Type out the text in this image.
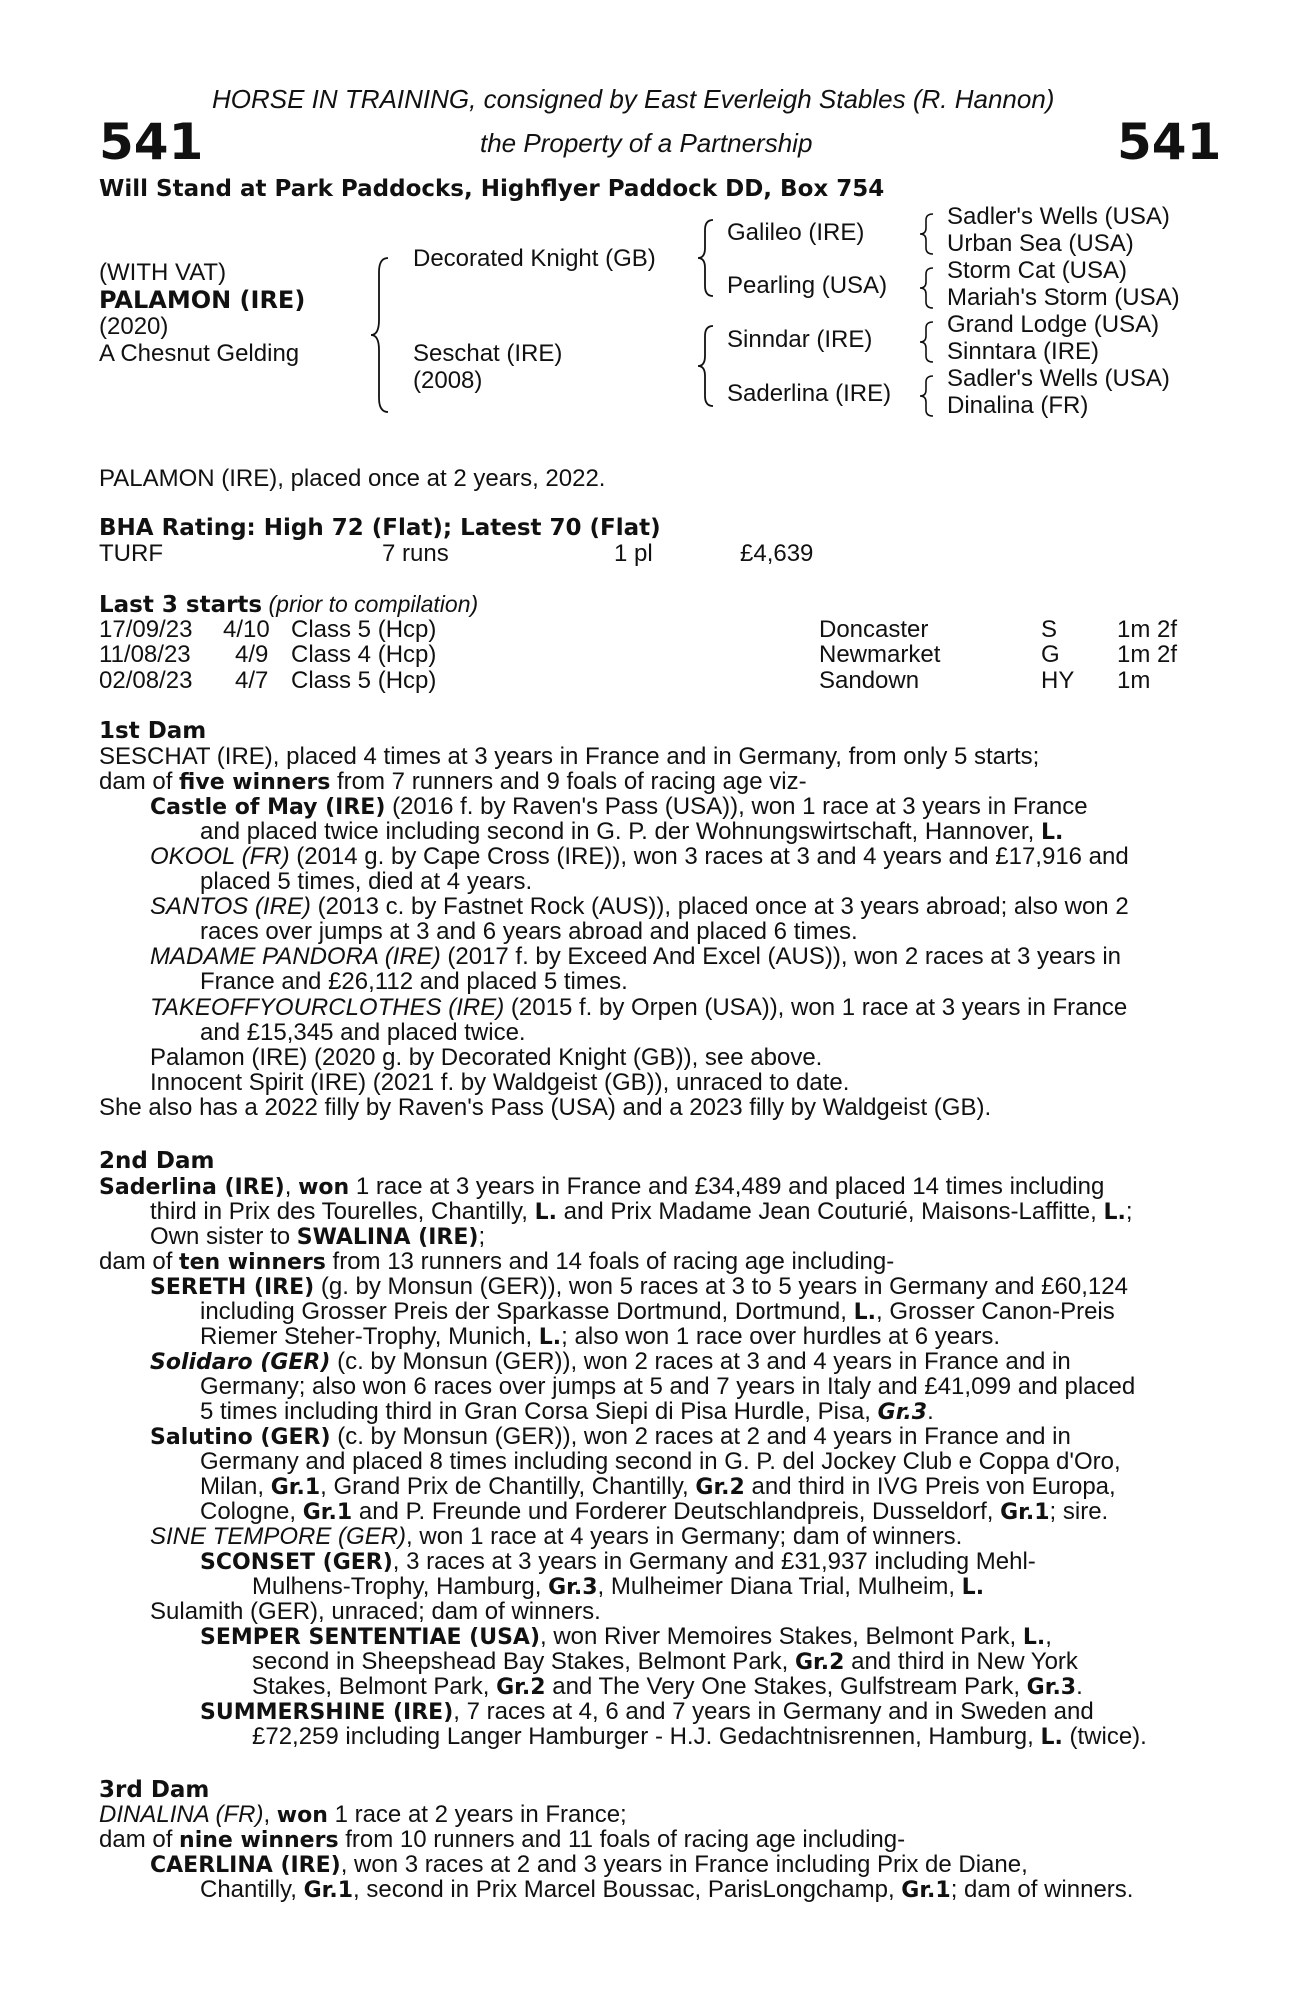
HORSE IN TRAINING, consigned by East Everleigh Stables (R. Hannon)
the Property of a Partnership
541	541
Will Stand at Park Paddocks, Highflyer Paddock DD, Box 754
(WITH VAT)
PALAMON (IRE)
(2020)
A Chesnut Gelding
Decorated Knight (GB)
Seschat (IRE)
(2008)
Galileo (IRE)
Pearling (USA)
Sinndar (IRE)
Saderlina (IRE)
Sadler's Wells (USA)
Urban Sea (USA)
Storm Cat (USA)
Mariah's Storm (USA)
Grand Lodge (USA)
Sinntara (IRE)
Sadler's Wells (USA)
Dinalina (FR)
PALAMON (IRE), placed once at 2 years, 2022.
BHA Rating: High 72 (Flat); Latest 70 (Flat)
TURF	7 runs	1 pl	£4,639
Last 3 starts (prior to compilation)
17/09/23 4/10 Class 5 (Hcp)	Doncaster	S 1m 2f
11/08/23 4/9 Class 4 (Hcp)	Newmarket	G 1m 2f
02/08/23 4/7 Class 5 (Hcp)	Sandown	HY 1m
1st Dam
SESCHAT (IRE), placed 4 times at 3 years in France and in Germany, from only 5 starts;
dam of five winners from 7 runners and 9 foals of racing age viz-
Castle of May (IRE) (2016 f. by Raven's Pass (USA)), won 1 race at 3 years in France
and placed twice including second in G. P. der Wohnungswirtschaft, Hannover, L.
OKOOL (FR) (2014 g. by Cape Cross (IRE)), won 3 races at 3 and 4 years and £17,916 and
placed 5 times, died at 4 years.
SANTOS (IRE) (2013 c. by Fastnet Rock (AUS)), placed once at 3 years abroad; also won 2
races over jumps at 3 and 6 years abroad and placed 6 times.
MADAME PANDORA (IRE) (2017 f. by Exceed And Excel (AUS)), won 2 races at 3 years in
France and £26,112 and placed 5 times.
TAKEOFFYOURCLOTHES (IRE) (2015 f. by Orpen (USA)), won 1 race at 3 years in France
and £15,345 and placed twice.
Palamon (IRE) (2020 g. by Decorated Knight (GB)), see above.
Innocent Spirit (IRE) (2021 f. by Waldgeist (GB)), unraced to date.
She also has a 2022 filly by Raven's Pass (USA) and a 2023 filly by Waldgeist (GB).
2nd Dam
Saderlina (IRE), won 1 race at 3 years in France and £34,489 and placed 14 times including
third in Prix des Tourelles, Chantilly, L. and Prix Madame Jean Couturié, Maisons-Laffitte, L.;
Own sister to SWALINA (IRE);
dam of ten winners from 13 runners and 14 foals of racing age including-
SERETH (IRE) (g. by Monsun (GER)), won 5 races at 3 to 5 years in Germany and £60,124
including Grosser Preis der Sparkasse Dortmund, Dortmund, L., Grosser Canon-Preis
Riemer Steher-Trophy, Munich, L.; also won 1 race over hurdles at 6 years.
Solidaro (GER) (c. by Monsun (GER)), won 2 races at 3 and 4 years in France and in
Germany; also won 6 races over jumps at 5 and 7 years in Italy and £41,099 and placed
5 times including third in Gran Corsa Siepi di Pisa Hurdle, Pisa, Gr.3.
Salutino (GER) (c. by Monsun (GER)), won 2 races at 2 and 4 years in France and in
Germany and placed 8 times including second in G. P. del Jockey Club e Coppa d'Oro,
Milan, Gr.1, Grand Prix de Chantilly, Chantilly, Gr.2 and third in IVG Preis von Europa,
Cologne, Gr.1 and P. Freunde und Forderer Deutschlandpreis, Dusseldorf, Gr.1; sire.
SINE TEMPORE (GER), won 1 race at 4 years in Germany; dam of winners.
SCONSET (GER), 3 races at 3 years in Germany and £31,937 including Mehl-
Mulhens-Trophy, Hamburg, Gr.3, Mulheimer Diana Trial, Mulheim, L.
Sulamith (GER), unraced; dam of winners.
SEMPER SENTENTIAE (USA), won River Memoires Stakes, Belmont Park, L.,
second in Sheepshead Bay Stakes, Belmont Park, Gr.2 and third in New York
Stakes, Belmont Park, Gr.2 and The Very One Stakes, Gulfstream Park, Gr.3.
SUMMERSHINE (IRE), 7 races at 4, 6 and 7 years in Germany and in Sweden and
£72,259 including Langer Hamburger - H.J. Gedachtnisrennen, Hamburg, L. (twice).
3rd Dam
DINALINA (FR), won 1 race at 2 years in France;
dam of nine winners from 10 runners and 11 foals of racing age including-
CAERLINA (IRE), won 3 races at 2 and 3 years in France including Prix de Diane,
Chantilly, Gr.1, second in Prix Marcel Boussac, ParisLongchamp, Gr.1; dam of winners.
